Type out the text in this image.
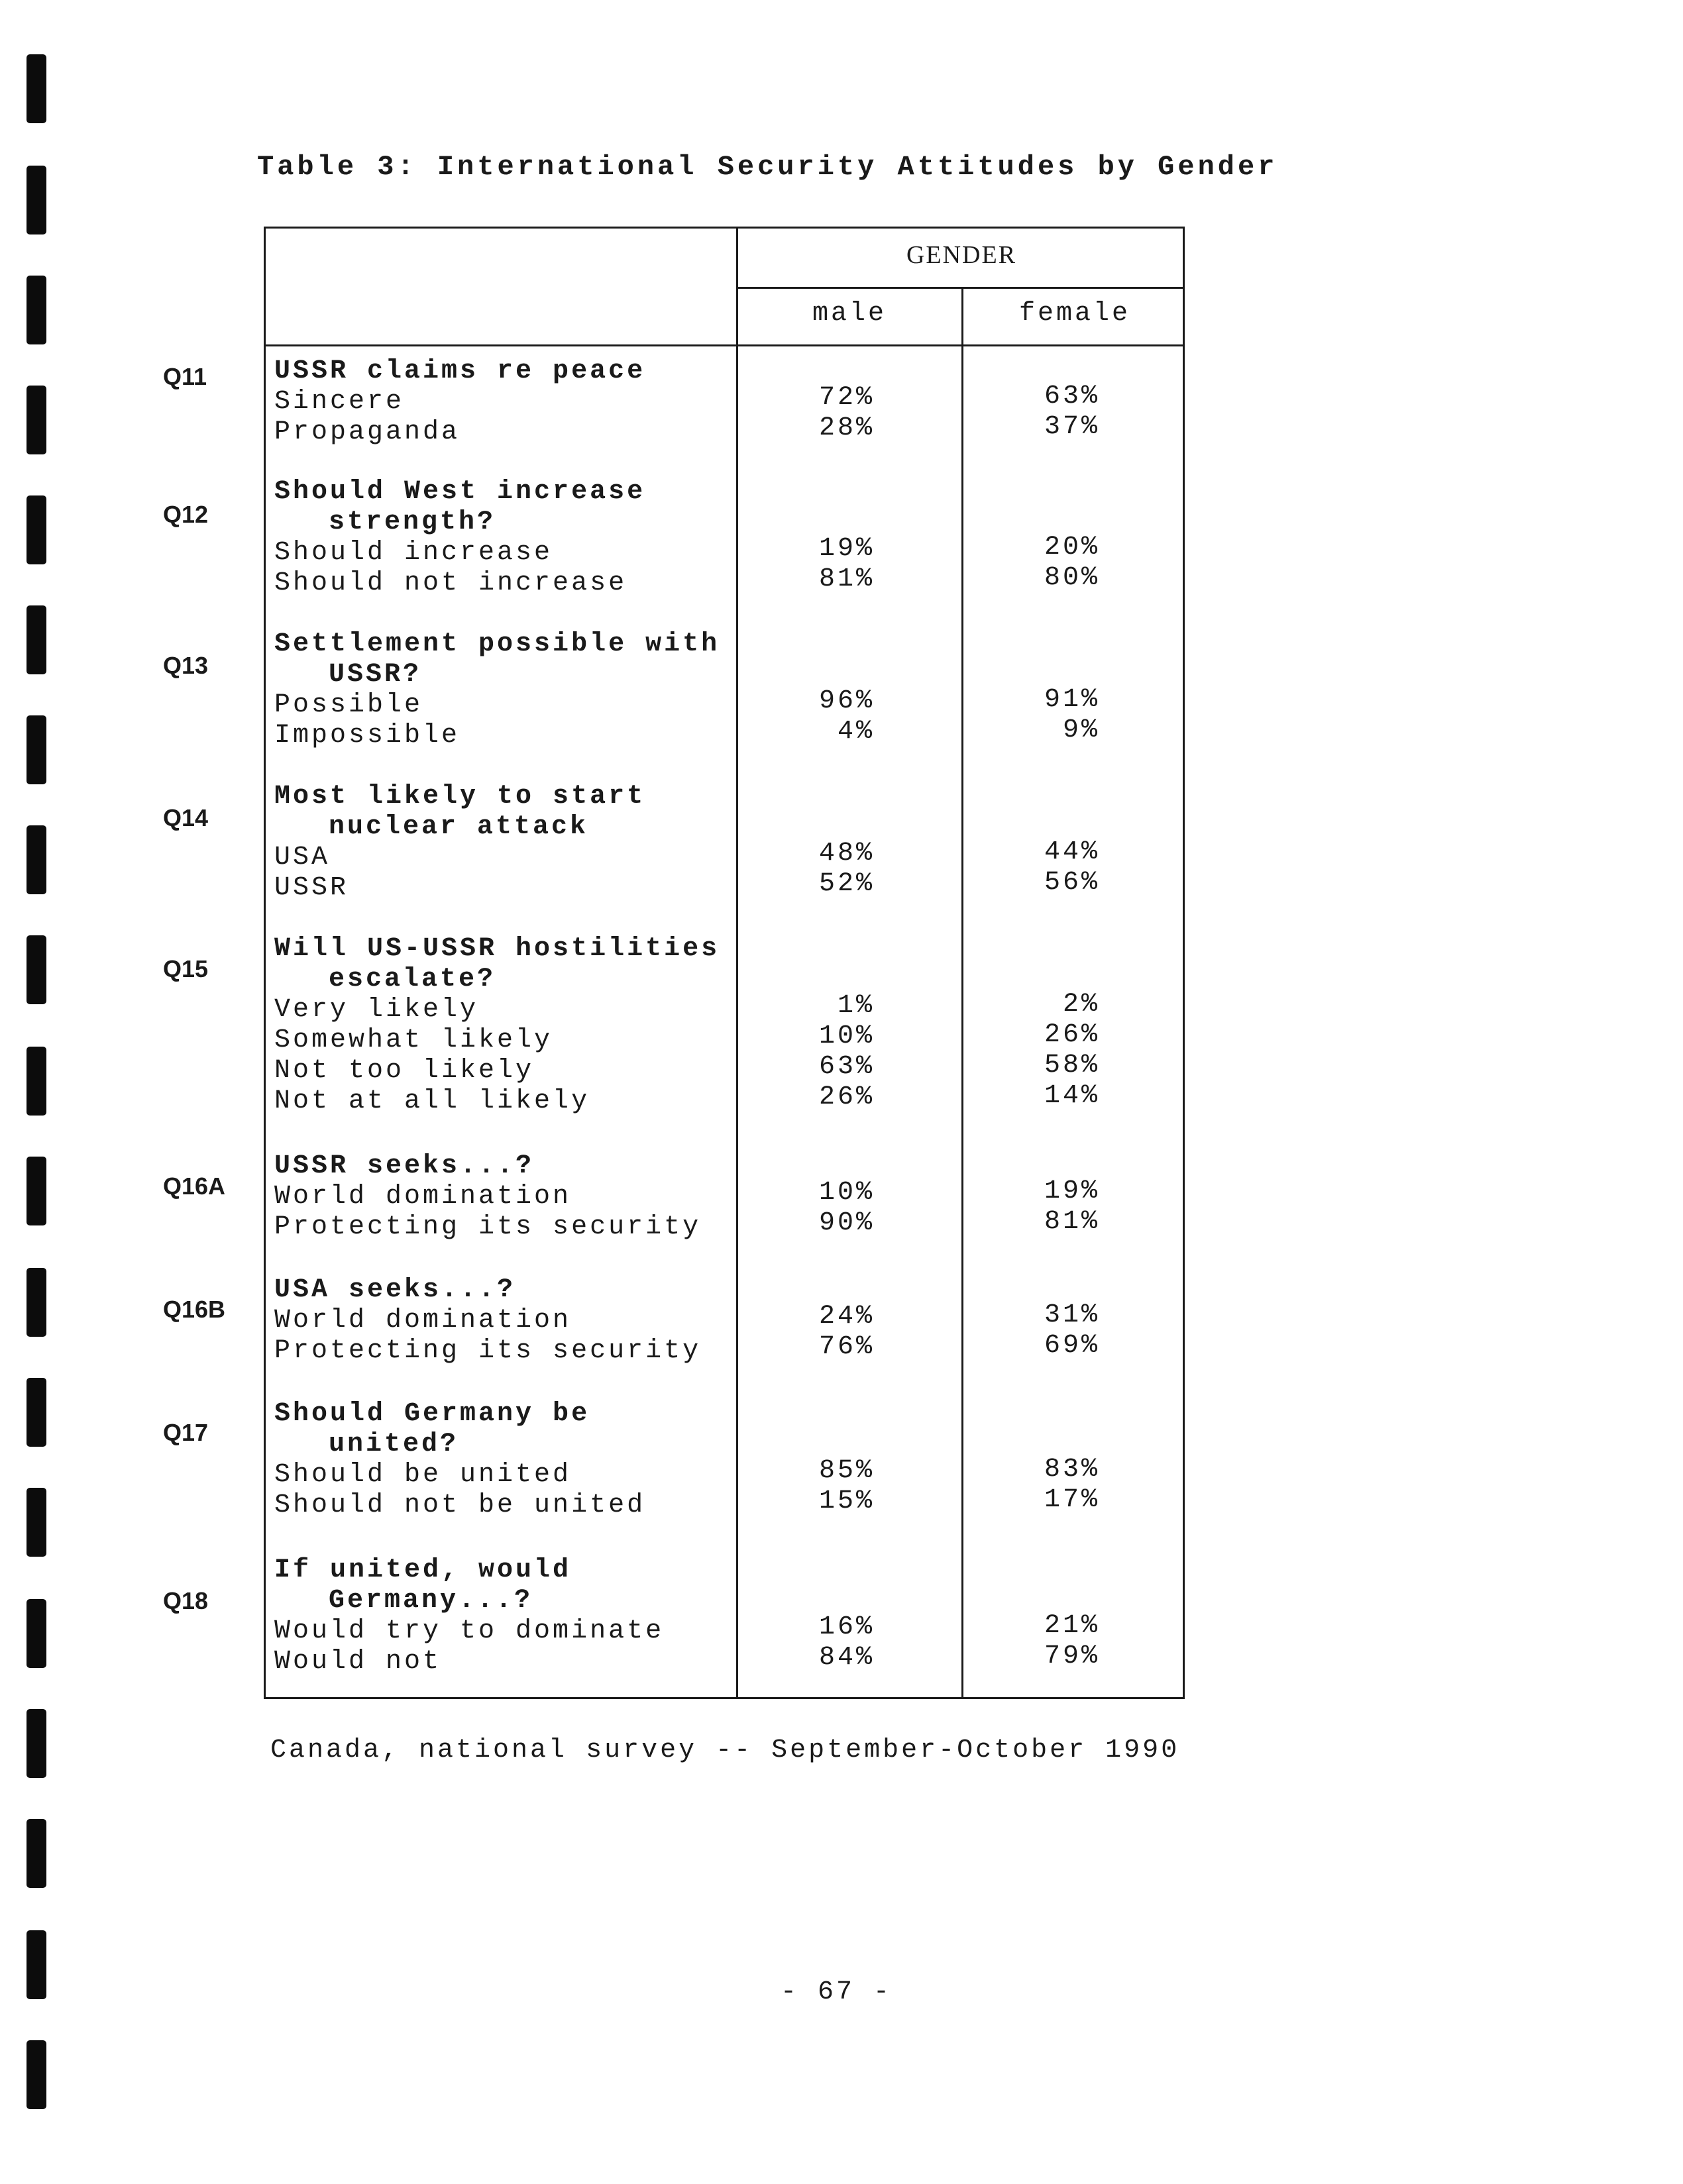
Table 3: International Security Attitudes by Gender
GENDER
male	female
Q11	USSR claims re peace
Sincere	72%	63%
Propaganda	28%	37%
Q12
Should West increase
strength?
Should increase	19%	20%
Should not increase	81%	80%
Q13
Settlement possible with
USSR?
Possible	96%	91%
Impossible	4%	9%
Q14
Most likely to start
nuclear attack
USA	48%	44%
USSR	52%	56%
Q15
Will US-USSR hostilities
escalate?
Very likely	1%	2%
Somewhat likely	10%	26%
Not too likely	63%	58%
Not at all likely	26%	14%
Q16A
USSR seeks...?
World domination	10%	19%
Protecting its security	90%	81%
Q16B
USA seeks...?
World domination	24%	31%
Protecting its security	76%	69%
Q17
Should Germany be
united?
Should be united	85%	83%
Should not be united	15%	17%
Q18
If united, would
Germany...?
Would try to dominate	16%	21%
Would not	84%	79%
Canada, national survey -- September-October 1990
- 67 -
